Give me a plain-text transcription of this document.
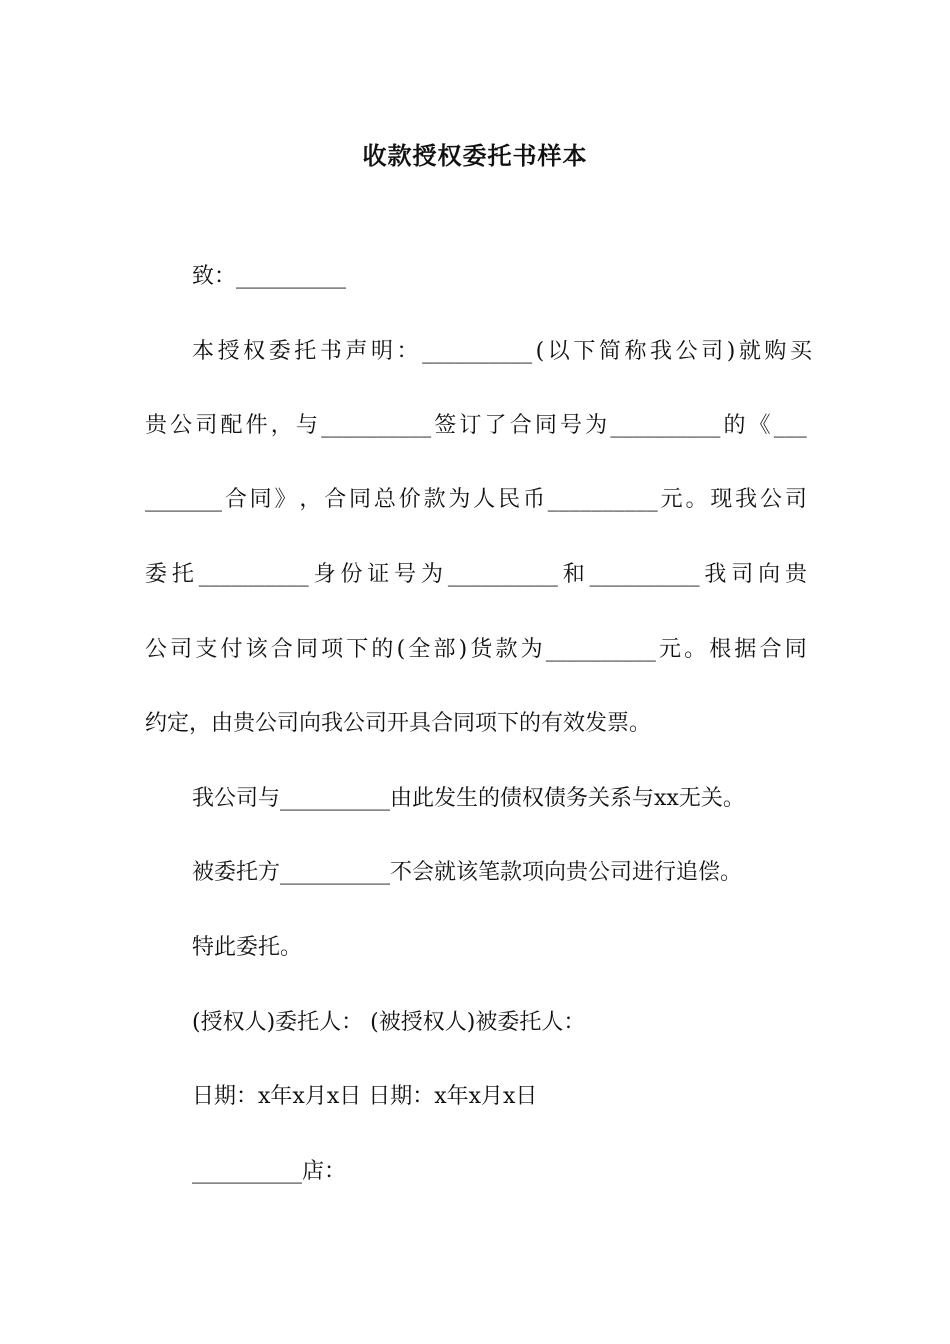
收款授权委托书样本
致：__________
本 授 权 委 托 书 声 明 ： __________ ( 以 下 简 称 我 公 司 ) 就 购 买
贵 公 司 配 件 ， 与 __________ 签 订 了 合 同 号 为 __________ 的 《 ___
_______ 合 同 》 ， 合 同 总 价 款 为 人 民 币 __________ 元 。 现 我 公 司
委 托 __________ 身 份 证 号 为 __________ 和 __________ 我 司 向 贵
公 司 支 付 该 合 同 项 下 的 ( 全 部 ) 货 款 为 __________ 元 。 根 据 合 同
约定，由贵公司向我公司开具合同项下的有效发票。
我公司与__________由此发生的债权债务关系与xx无关。
被委托方__________不会就该笔款项向贵公司进行追偿。
特此委托。
(授权人)委托人： (被授权人)被委托人：
日期：x年x月x日 日期：x年x月x日
__________店：
